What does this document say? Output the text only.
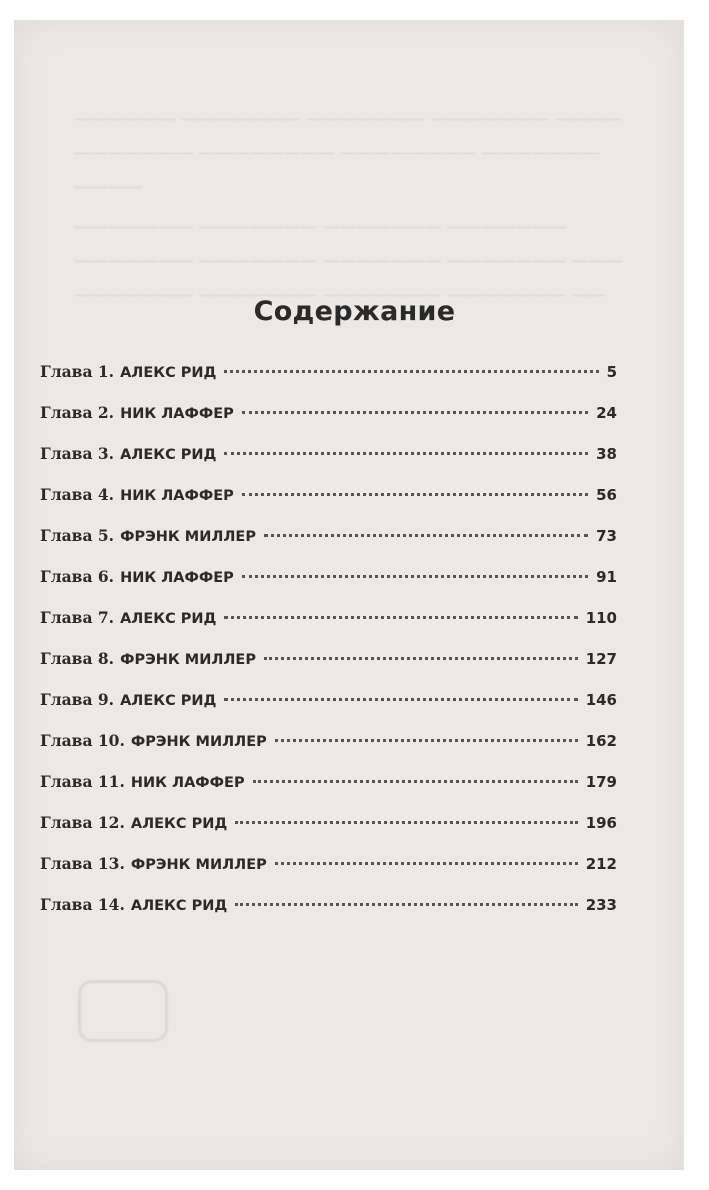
—————— ——————— ——————— ——————— ————
——————— ———————— ———————— ———————
————
——————— ——————— ——————— ———————
——————— ——————— ——————— ——————— ———
——————— ——————— ——————— ——————— ——
Содержание
Глава 1. АЛЕКС РИД	5
Глава 2. НИК ЛАФФЕР	24
Глава 3. АЛЕКС РИД	38
Глава 4. НИК ЛАФФЕР	56
Глава 5. ФРЭНК МИЛЛЕР	73
Глава 6. НИК ЛАФФЕР	91
Глава 7. АЛЕКС РИД	110
Глава 8. ФРЭНК МИЛЛЕР	127
Глава 9. АЛЕКС РИД	146
Глава 10. ФРЭНК МИЛЛЕР	162
Глава 11. НИК ЛАФФЕР	179
Глава 12. АЛЕКС РИД	196
Глава 13. ФРЭНК МИЛЛЕР	212
Глава 14. АЛЕКС РИД	233
